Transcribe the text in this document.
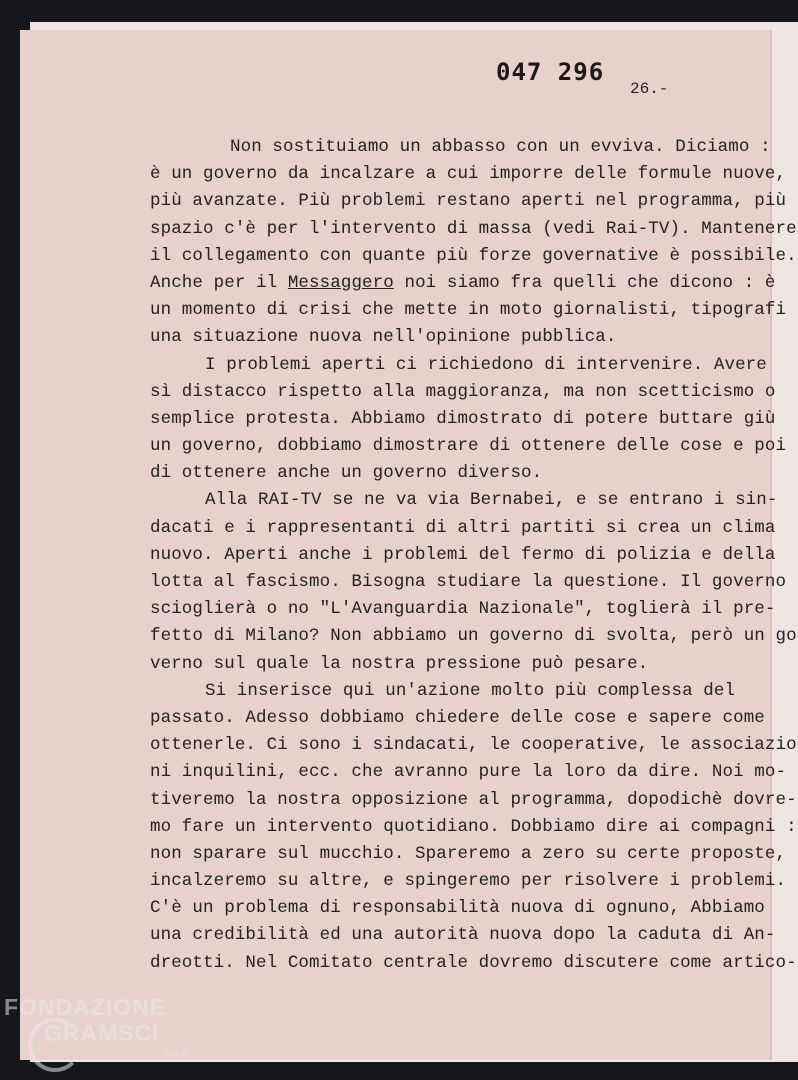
047 296
26.-
Non sostituiamo un abbasso con un evviva. Diciamo :
è un governo da incalzare a cui imporre delle formule nuove,
più avanzate. Più problemi restano aperti nel programma, più
spazio c'è per l'intervento di massa (vedi Rai-TV). Mantenere
il collegamento con quante più forze governative è possibile.
Anche per il Messaggero noi siamo fra quelli che dicono : è
un momento di crisi che mette in moto giornalisti, tipografi
una situazione nuova nell'opinione pubblica.
I problemi aperti ci richiedono di intervenire. Avere
sì distacco rispetto alla maggioranza, ma non scetticismo o
semplice protesta. Abbiamo dimostrato di potere buttare giù
un governo, dobbiamo dimostrare di ottenere delle cose e poi
di ottenere anche un governo diverso.
Alla RAI-TV se ne va via Bernabei, e se entrano i sin-
dacati e i rappresentanti di altri partiti si crea un clima
nuovo. Aperti anche i problemi del fermo di polizia e della
lotta al fascismo. Bisogna studiare la questione. Il governo
scioglierà o no "L'Avanguardia Nazionale", toglierà il pre-
fetto di Milano? Non abbiamo un governo di svolta, però un go
verno sul quale la nostra pressione può pesare.
Si inserisce qui un'azione molto più complessa del
passato. Adesso dobbiamo chiedere delle cose e sapere come
ottenerle. Ci sono i sindacati, le cooperative, le associazio
ni inquilini, ecc. che avranno pure la loro da dire. Noi mo-
tiveremo la nostra opposizione al programma, dopodichè dovre-
mo fare un intervento quotidiano. Dobbiamo dire ai compagni :
non sparare sul mucchio. Spareremo a zero su certe proposte,
incalzeremo su altre, e spingeremo per risolvere i problemi.
C'è un problema di responsabilità nuova di ognuno, Abbiamo
una credibilità ed una autorità nuova dopo la caduta di An-
dreotti. Nel Comitato centrale dovremo discutere come artico-
FONDAZIONE
GRAMSCI
onlus
